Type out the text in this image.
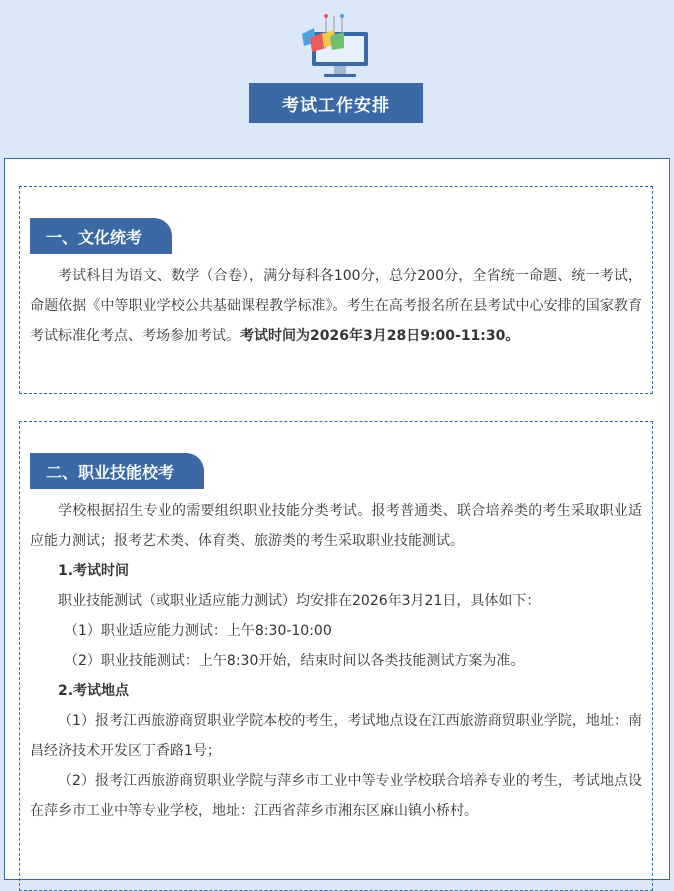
考试工作安排
一、文化统考

考试科目为语文、数学（合卷），满分每科各100分，总分200分，全省统一命题、统一考试，命题依据《中等职业学校公共基础课程教学标准》。考生在高考报名所在县考试中心安排的国家教育考试标准化考点、考场参加考试。考试时间为2026年3月28日9:00-11:30。

二、职业技能校考

学校根据招生专业的需要组织职业技能分类考试。报考普通类、联合培养类的考生采取职业适应能力测试；报考艺术类、体育类、旅游类的考生采取职业技能测试。

1.考试时间

职业技能测试（或职业适应能力测试）均安排在2026年3月21日，具体如下：

（1）职业适应能力测试：上午8:30-10:00

（2）职业技能测试：上午8:30开始，结束时间以各类技能测试方案为准。

2.考试地点

（1）报考江西旅游商贸职业学院本校的考生，考试地点设在江西旅游商贸职业学院，地址：南昌经济技术开发区丁香路1号；

（2）报考江西旅游商贸职业学院与萍乡市工业中等专业学校联合培养专业的考生，考试地点设在萍乡市工业中等专业学校，地址：江西省萍乡市湘东区麻山镇小桥村。
